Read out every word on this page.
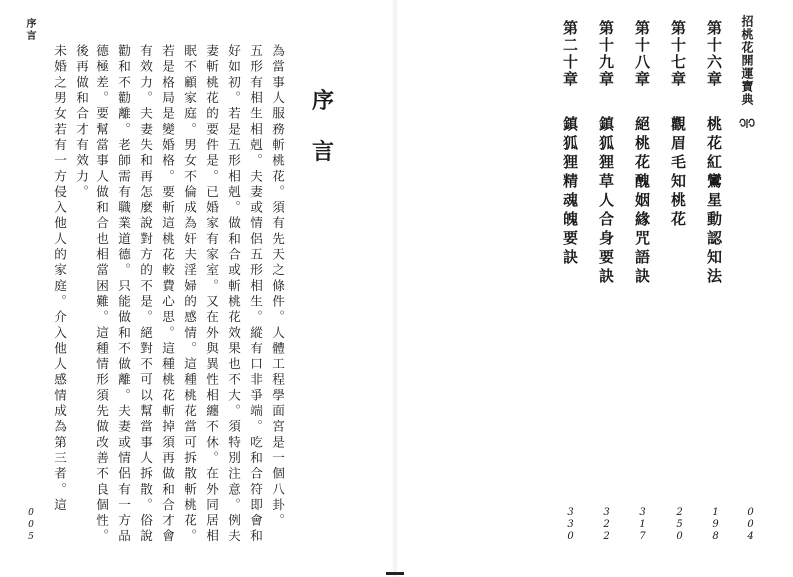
序言
序
言
為當事人服務斬桃花。須有先天之條件。人體工程學面宮是一個八卦。
五形有相生相剋。夫妻或情侶五形相生。縱有口非爭端。吃和合符即會和
好如初。若是五形相剋。做和合或斬桃花效果也不大。須特別注意。例夫
妻斬桃花的要件是。已婚家有家室。又在外與異性相纏不休。在外同居相
眠不顧家庭。男女不倫成為奸夫淫婦的感情。這種桃花當可拆散斬桃花。
若是格局是變婚格。要斬這桃花較費心思。這種桃花斬掉須再做和合才會
有效力。夫妻失和再怎麼說對方的不是。絕對不可以幫當事人拆散。俗說
勸和不勸離。老師需有職業道德。只能做和不做離。夫妻或情侶有一方品
德極差。要幫當事人做和合也相當困難。這種情形須先做改善不良個性。
後再做和合才有效力。
未婚之男女若有一方侵入他人的家庭。介入他人感情成為第三者。這
005
招桃花開運寶典
第十六章
桃花紅鸞星動認知法
004
第十七章
觀眉毛知桃花
198
第十八章
絕桃花醜姻緣咒語訣
250
第十九章
鎮狐狸草人合身要訣
317
第二十章
鎮狐狸精魂魄要訣
322
330
